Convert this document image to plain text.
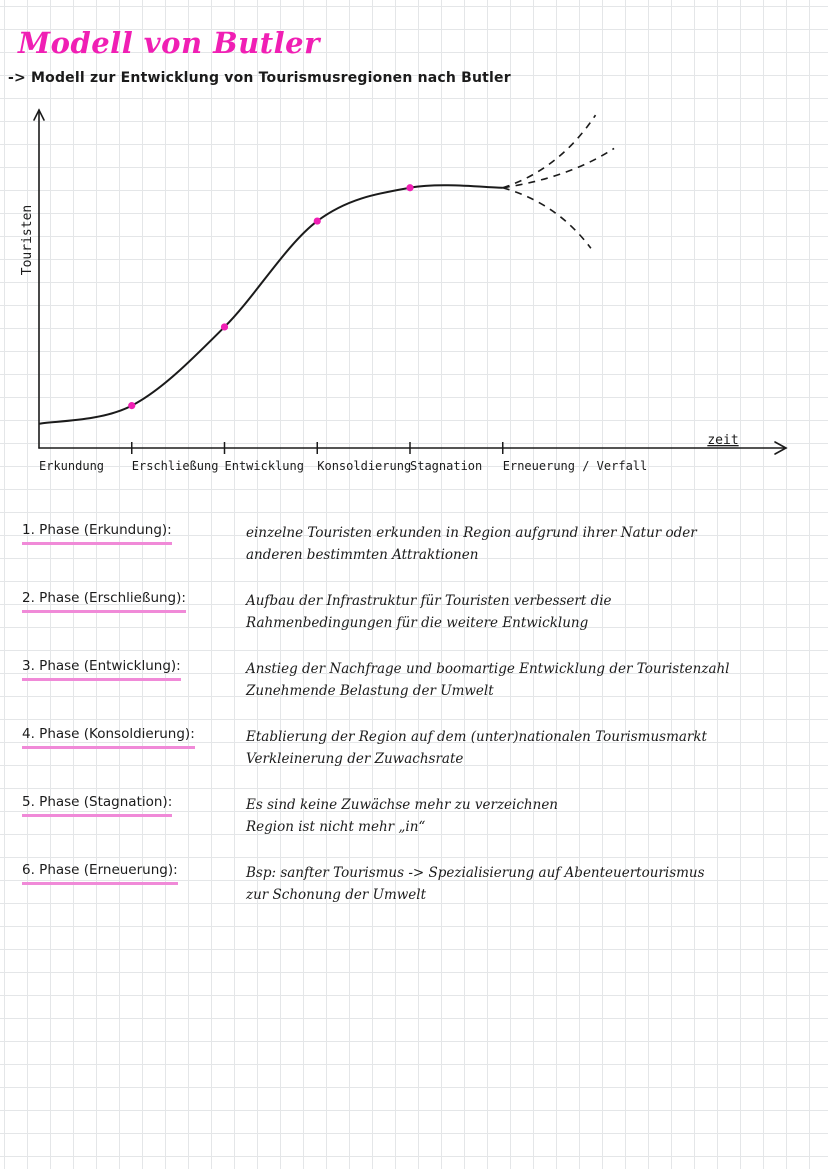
Modell von Butler
-> Modell zur Entwicklung von Tourismusregionen nach Butler
Erkundung Erschließung Entwicklung Konsoldierung
Stagnation Erneuerung / Verfall
Touristen
zeit
1. Phase (Erkundung):	einzelne Touristen erkunden in Region aufgrund ihrer Natur oder
anderen bestimmten Attraktionen
2. Phase (Erschließung):	Aufbau der Infrastruktur für Touristen verbessert die
Rahmenbedingungen für die weitere Entwicklung
3. Phase (Entwicklung):	Anstieg der Nachfrage und boomartige Entwicklung der Touristenzahl
Zunehmende Belastung der Umwelt
4. Phase (Konsoldierung):	Etablierung der Region auf dem (unter)nationalen Tourismusmarkt
Verkleinerung der Zuwachsrate
5. Phase (Stagnation):	Es sind keine Zuwächse mehr zu verzeichnen
Region ist nicht mehr „in“
6. Phase (Erneuerung):	Bsp: sanfter Tourismus -> Spezialisierung auf Abenteuertourismus
zur Schonung der Umwelt
